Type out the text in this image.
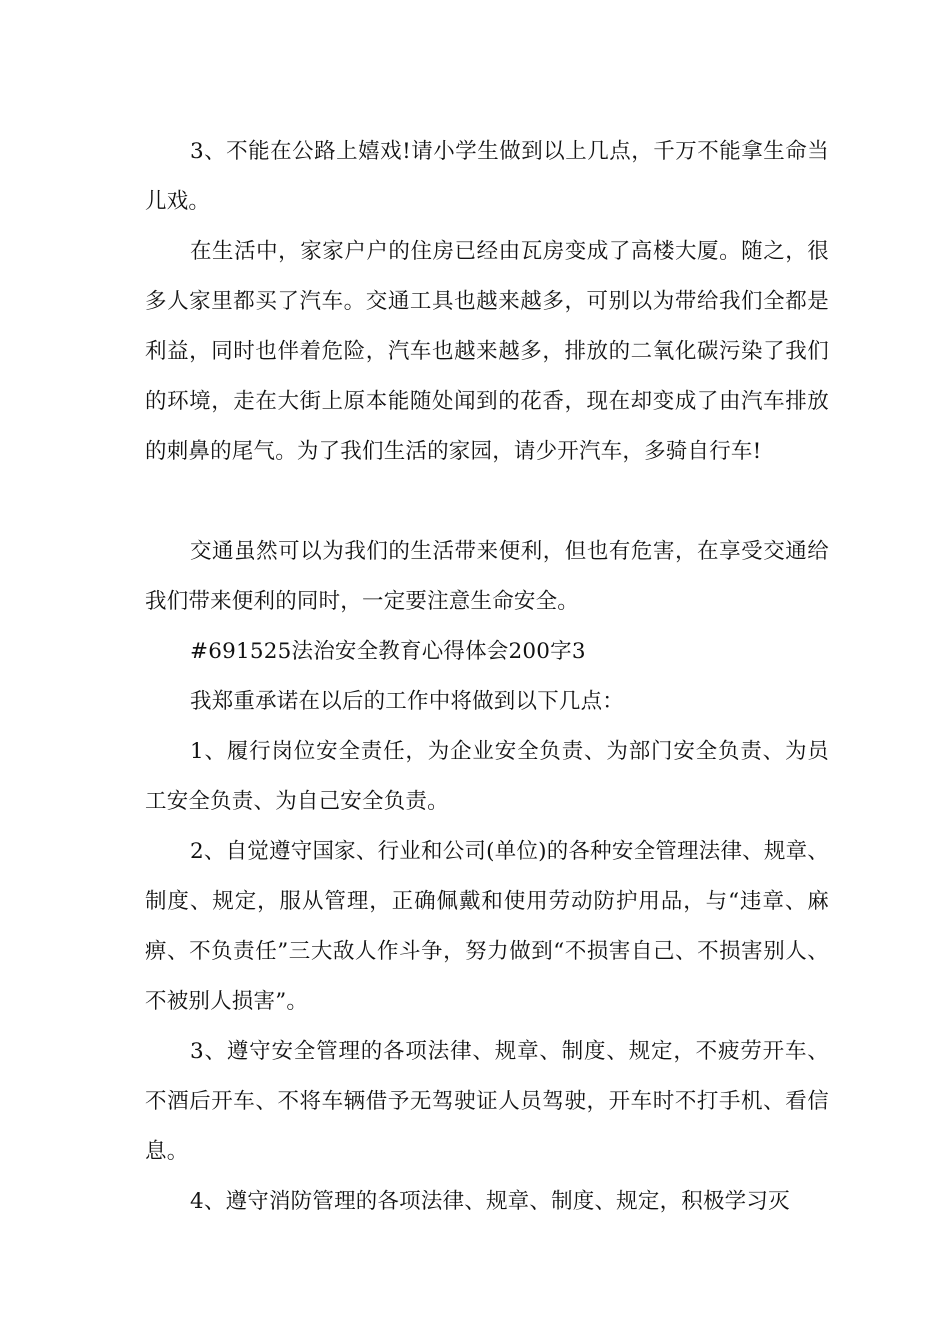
3、不能在公路上嬉戏!请小学生做到以上几点，千万不能拿生命当儿戏。

在生活中，家家户户的住房已经由瓦房变成了高楼大厦。随之，很多人家里都买了汽车。交通工具也越来越多，可别以为带给我们全都是利益，同时也伴着危险，汽车也越来越多，排放的二氧化碳污染了我们的环境，走在大街上原本能随处闻到的花香，现在却变成了由汽车排放的刺鼻的尾气。为了我们生活的家园，请少开汽车，多骑自行车!

交通虽然可以为我们的生活带来便利，但也有危害，在享受交通给我们带来便利的同时，一定要注意生命安全。

#691525法治安全教育心得体会200字3

我郑重承诺在以后的工作中将做到以下几点：

1、履行岗位安全责任，为企业安全负责、为部门安全负责、为员工安全负责、为自己安全负责。

2、自觉遵守国家、行业和公司(单位)的各种安全管理法律、规章、制度、规定，服从管理，正确佩戴和使用劳动防护用品，与“违章、麻痹、不负责任”三大敌人作斗争，努力做到“不损害自己、不损害别人、不被别人损害”。

3、遵守安全管理的各项法律、规章、制度、规定，不疲劳开车、不酒后开车、不将车辆借予无驾驶证人员驾驶，开车时不打手机、看信息。

4、遵守消防管理的各项法律、规章、制度、规定，积极学习灭
